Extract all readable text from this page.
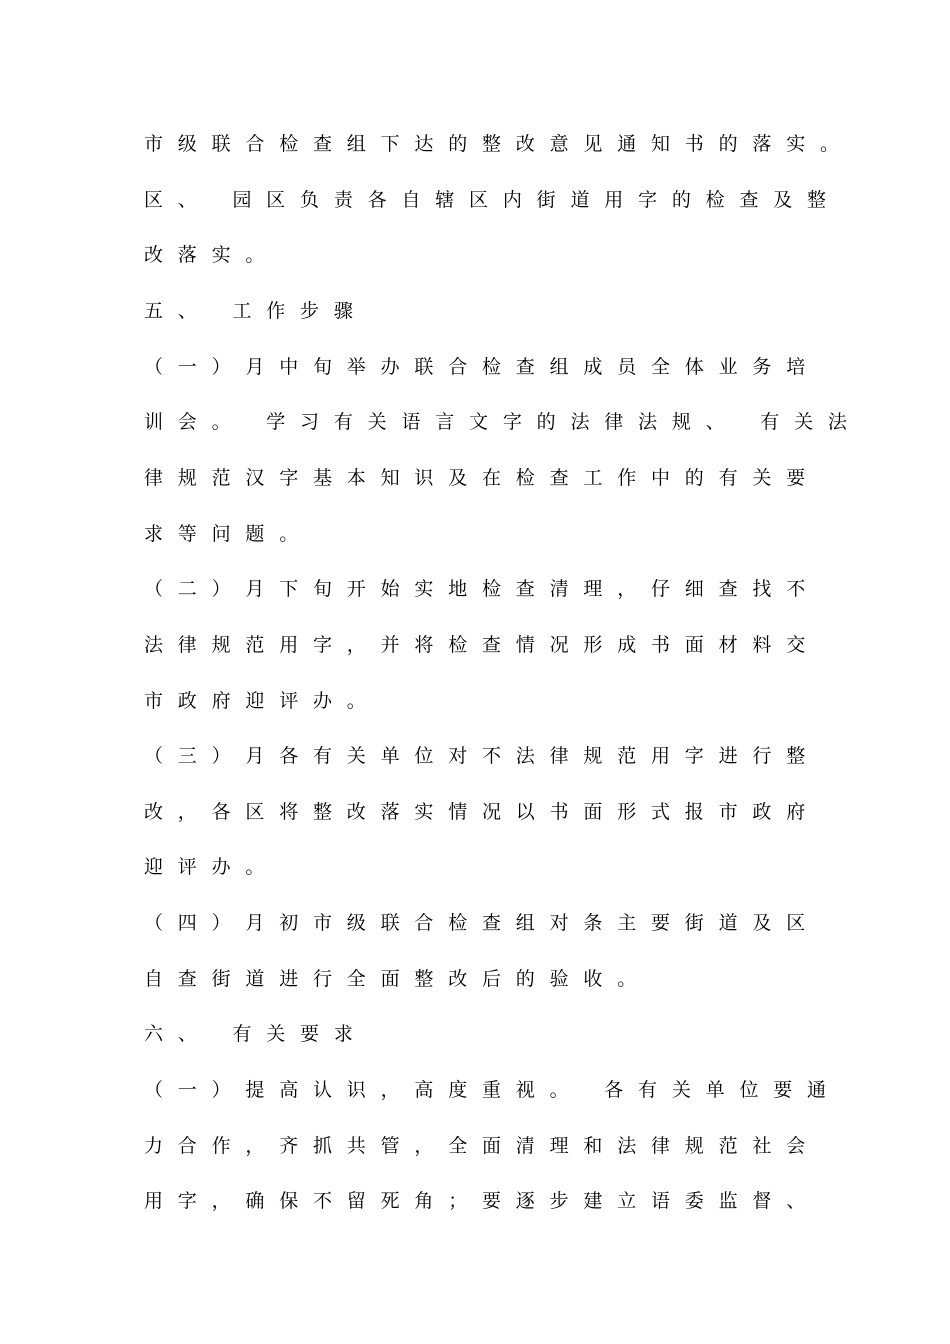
市级联合检查组下达的整改意见通知书的落实。
区、 园区负责各自辖区内街道用字的检查及整
改落实。
五、 工作步骤
（一）月中旬举办联合检查组成员全体业务培
训会。 学习有关语言文字的法律法规、 有关法
律规范汉字基本知识及在检查工作中的有关要
求等问题。
（二）月下旬开始实地检查清理，仔细查找不
法律规范用字，并将检查情况形成书面材料交
市政府迎评办。
（三）月各有关单位对不法律规范用字进行整
改，各区将整改落实情况以书面形式报市政府
迎评办。
（四）月初市级联合检查组对条主要街道及区
自查街道进行全面整改后的验收。
六、 有关要求
（一）提高认识，高度重视。 各有关单位要通
力合作，齐抓共管，全面清理和法律规范社会
用字，确保不留死角；要逐步建立语委监督、
